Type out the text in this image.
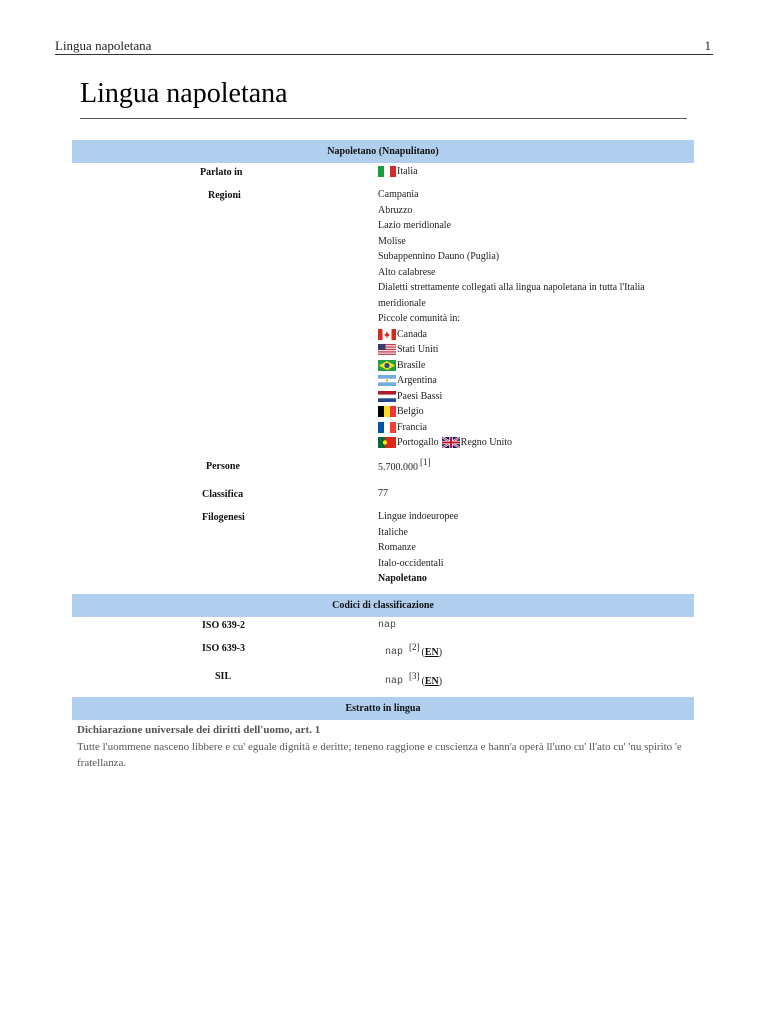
Lingua napoletana	1
Lingua napoletana
Napoletano (Nnapulitano)
Parlato in	Italia
Regioni	Campania
Abruzzo
Lazio meridionale
Molise
Subappennino Dauno (Puglia)
Alto calabrese
Dialetti strettamente collegati alla lingua napoletana in tutta l'Italia meridionale
Piccole comunità in:
Canada
Stati Uniti
Brasile
Argentina
Paesi Bassi
Belgio
Francia
Portogallo Regno Unito
Persone	5.700.000 [1]
Classifica	77
Filogenesi	Lingue indoeuropee
Italiche
Romanze
Italo-occidentali
Napoletano
Codici di classificazione
ISO 639-2	nap
ISO 639-3	nap [2] ( EN )
SIL	nap [3] ( EN )
Estratto in lingua
Dichiarazione universale dei diritti dell'uomo, art. 1
Tutte l'uommene nasceno libbere e cu' eguale dignità e deritte; teneno raggione e cuscienza e hann'a operà ll'uno cu' ll'ato cu' 'nu spirito 'e fratellanza.
